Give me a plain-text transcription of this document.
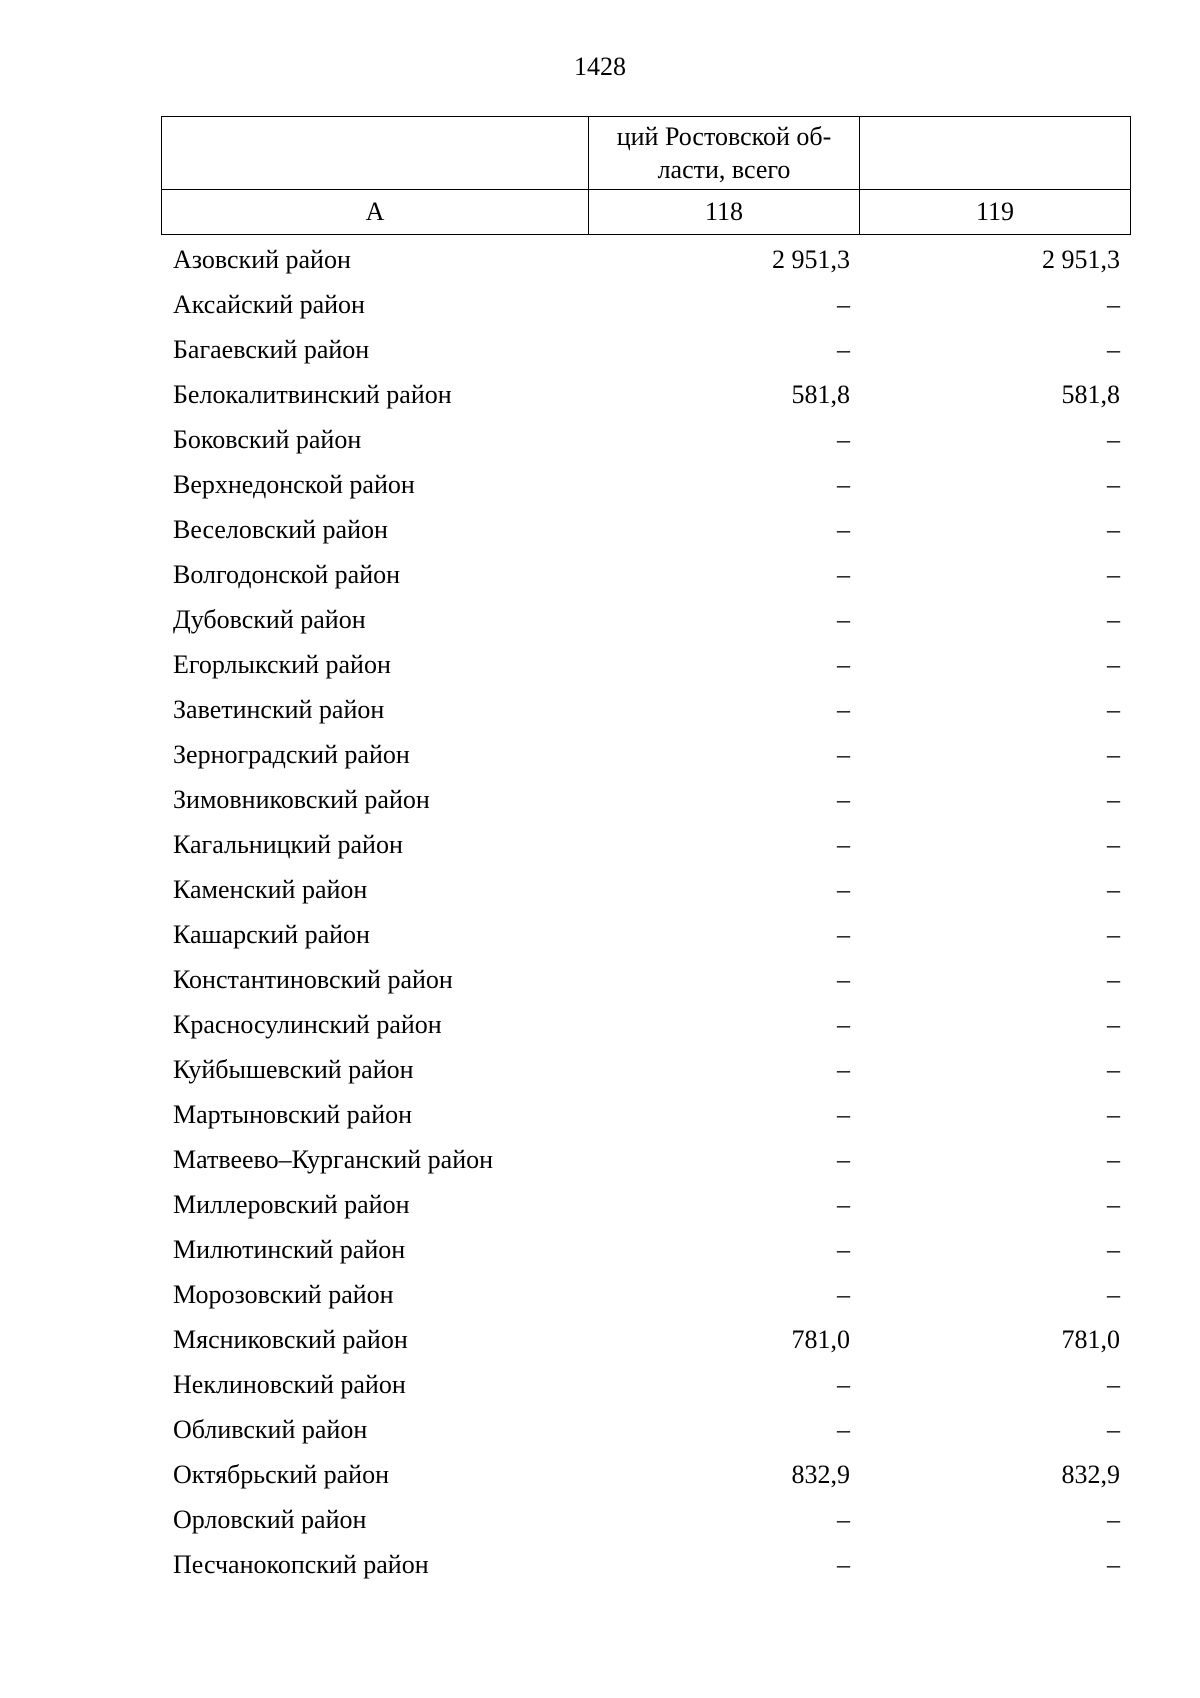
1428

	ций Ростовской об-
ласти, всего	

А	118	119
Азовский район	2 951,3	2 951,3
Аксайский район	–	–
Багаевский район	–	–
Белокалитвинский район	581,8	581,8
Боковский район	–	–
Верхнедонской район	–	–
Веселовский район	–	–
Волгодонской район	–	–
Дубовский район	–	–
Егорлыкский район	–	–
Заветинский район	–	–
Зерноградский район	–	–
Зимовниковский район	–	–
Кагальницкий район	–	–
Каменский район	–	–
Кашарский район	–	–
Константиновский район	–	–
Красносулинский район	–	–
Куйбышевский район	–	–
Мартыновский район	–	–
Матвеево–Курганский район	–	–
Миллеровский район	–	–
Милютинский район	–	–
Морозовский район	–	–
Мясниковский район	781,0	781,0
Неклиновский район	–	–
Обливский район	–	–
Октябрьский район	832,9	832,9
Орловский район	–	–
Песчанокопский район	–	–
